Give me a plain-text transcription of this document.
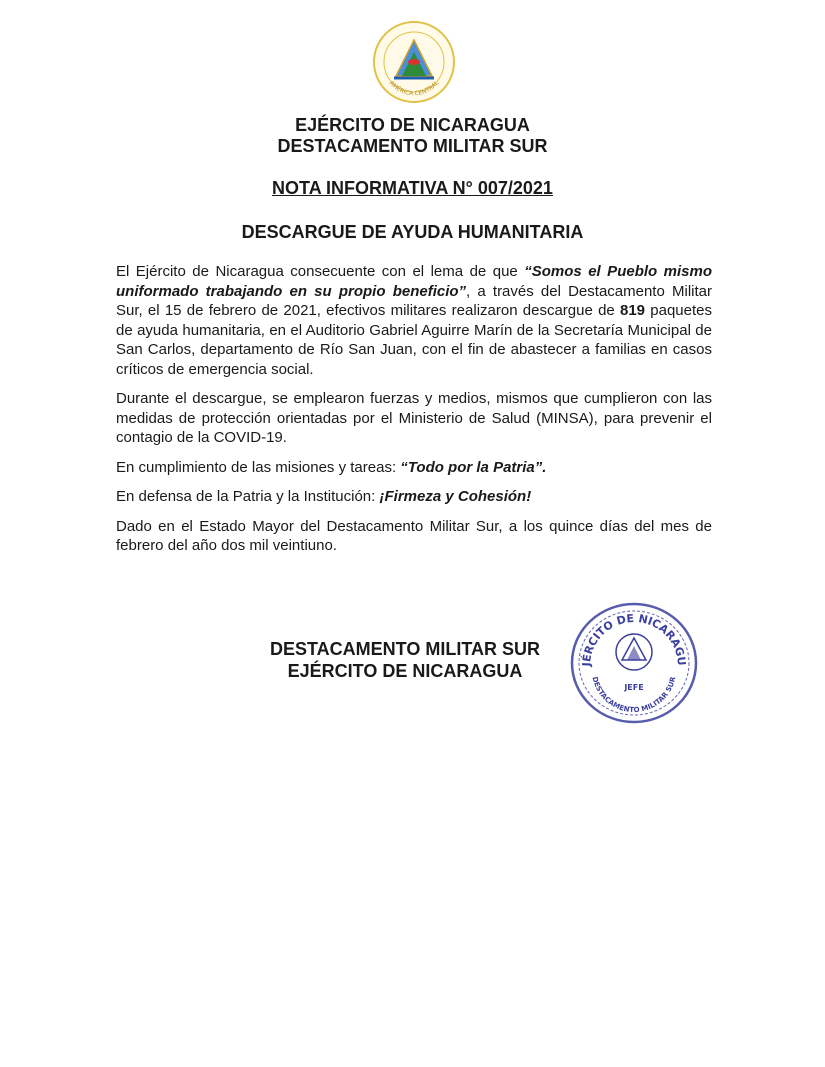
AMÉRICA CENTRAL
EJÉRCITO DE NICARAGUA
DESTACAMENTO MILITAR SUR
NOTA INFORMATIVA N° 007/2021
DESCARGUE DE AYUDA HUMANITARIA

El Ejército de Nicaragua consecuente con el lema de que “Somos el Pueblo mismo uniformado trabajando en su propio beneficio”, a través del Destacamento Militar Sur, el 15 de febrero de 2021, efectivos militares realizaron descargue de 819 paquetes de ayuda humanitaria, en el Auditorio Gabriel Aguirre Marín de la Secretaría Municipal de San Carlos, departamento de Río San Juan, con el fin de abastecer a familias en casos críticos de emergencia social.

Durante el descargue, se emplearon fuerzas y medios, mismos que cumplieron con las medidas de protección orientadas por el Ministerio de Salud (MINSA), para prevenir el contagio de la COVID-19.

En cumplimiento de las misiones y tareas: “Todo por la Patria”.

En defensa de la Patria y la Institución: ¡Firmeza y Cohesión!

Dado en el Estado Mayor del Destacamento Militar Sur, a los quince días del mes de febrero del año dos mil veintiuno.

DESTACAMENTO MILITAR SUR
EJÉRCITO DE NICARAGUA	JÉRCITO DE NICARAGU
DESTACAMENTO MILITAR SUR
JEFE
